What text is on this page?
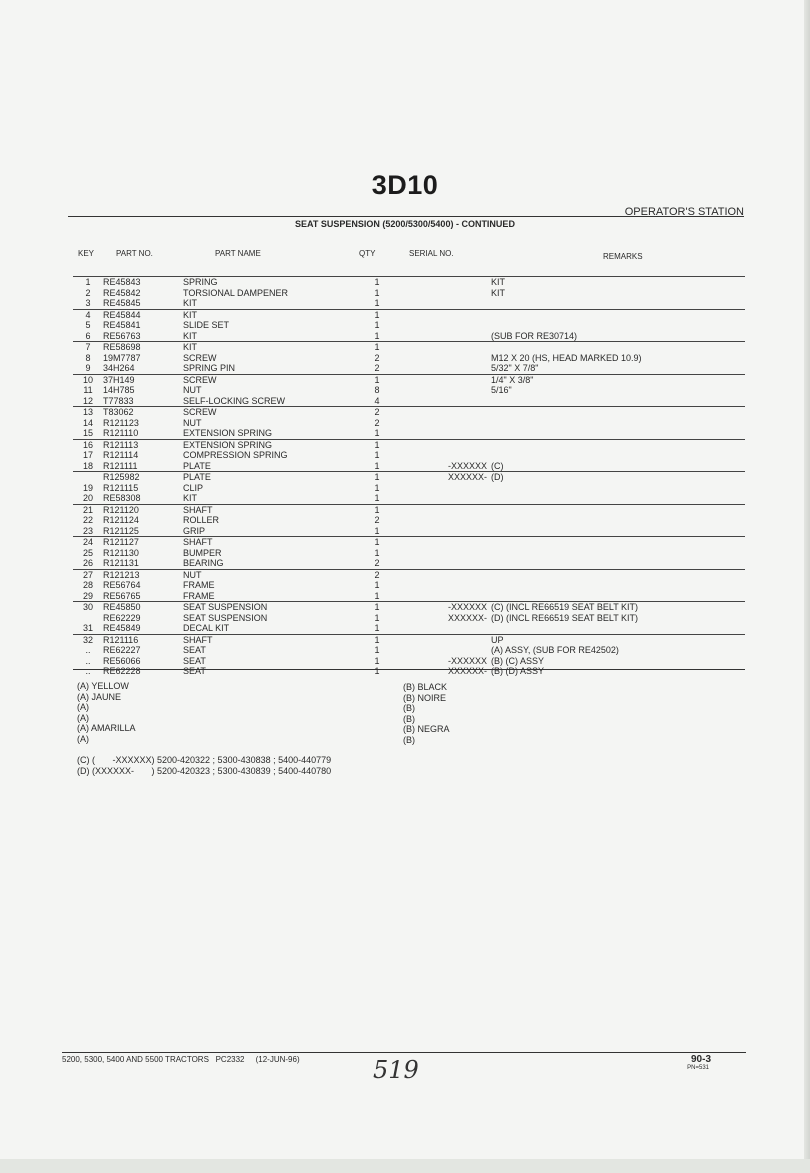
3D10
OPERATOR'S STATION
SEAT SUSPENSION (5200/5300/5400) - CONTINUED
KEY	PART NO.	PART NAME	QTY	SERIAL NO.	REMARKS
1	RE45843	SPRING	1		KIT
2	RE45842	TORSIONAL DAMPENER	1		KIT
3	RE45845	KIT	1		
4	RE45844	KIT	1		
5	RE45841	SLIDE SET	1		
6	RE56763	KIT	1		(SUB FOR RE30714)
7	RE58698	KIT	1		
8	19M7787	SCREW	2		M12 X 20 (HS, HEAD MARKED 10.9)
9	34H264	SPRING PIN	2		5/32" X 7/8"
10	37H149	SCREW	1		1/4" X 3/8"
11	14H785	NUT	8		5/16"
12	T77833	SELF-LOCKING SCREW	4		
13	T83062	SCREW	2		
14	R121123	NUT	2		
15	R121110	EXTENSION SPRING	1		
16	R121113	EXTENSION SPRING	1		
17	R121114	COMPRESSION SPRING	1		
18	R121111	PLATE	1	-XXXXXX	(C)
	R125982	PLATE	1	XXXXXX-	(D)
19	R121115	CLIP	1		
20	RE58308	KIT	1		
21	R121120	SHAFT	1		
22	R121124	ROLLER	2		
23	R121125	GRIP	1		
24	R121127	SHAFT	1		
25	R121130	BUMPER	1		
26	R121131	BEARING	2		
27	R121213	NUT	2		
28	RE56764	FRAME	1		
29	RE56765	FRAME	1		
30	RE45850	SEAT SUSPENSION	1	-XXXXXX	(C) (INCL RE66519 SEAT BELT KIT)
	RE62229	SEAT SUSPENSION	1	XXXXXX-	(D) (INCL RE66519 SEAT BELT KIT)
31	RE45849	DECAL KIT	1		
32	R121116	SHAFT	1		UP
..	RE62227	SEAT	1		(A) ASSY, (SUB FOR RE42502)
..	RE56066	SEAT	1	-XXXXXX	(B) (C) ASSY
..	RE62228	SEAT	1	XXXXXX-	(B) (D) ASSY
(A) YELLOW
(A) JAUNE
(A)
(A)
(A) AMARILLA
(A)
(B) BLACK
(B) NOIRE
(B)
(B)
(B) NEGRA
(B)
(C) (       -XXXXXX) 5200-420322 ; 5300-430838 ; 5400-440779
(D) (XXXXXX-       ) 5200-420323 ; 5300-430839 ; 5400-440780
5200, 5300, 5400 AND 5500 TRACTORS   PC2332     (12-JUN-96)	519	90-3
PN=531
